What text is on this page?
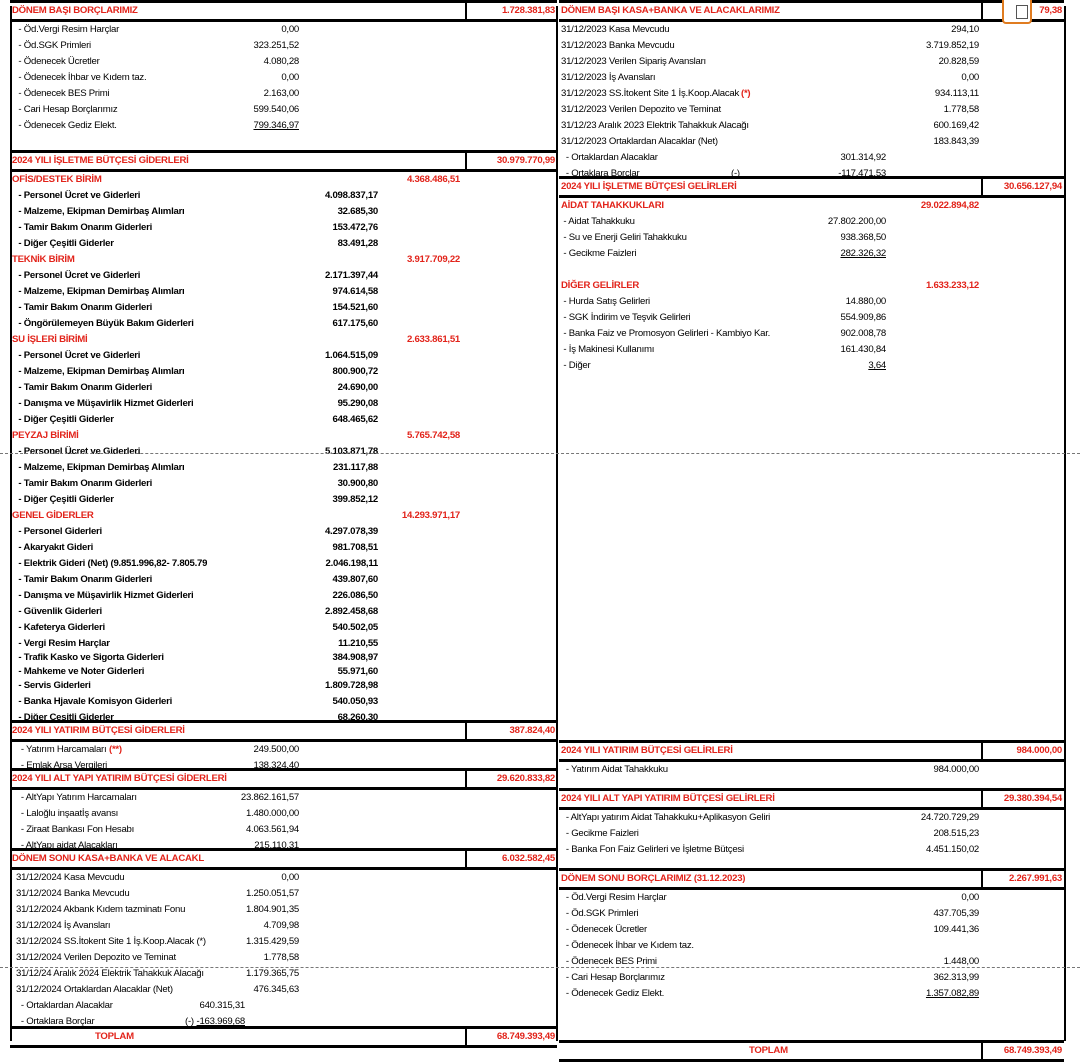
DÖNEM BAŞI BORÇLARIMIZ	1.728.381,83
- Öd.Vergi Resim Harçlar	0,00
- Öd.SGK Primleri	323.251,52
- Ödenecek Ücretler	4.080,28
- Ödenecek İhbar ve Kıdem taz.	0,00
- Ödenecek BES Primi	2.163,00
- Cari Hesap Borçlarımız	599.540,06
- Ödenecek Gediz Elekt.	799.346,97
2024 YILI İŞLETME BÜTÇESİ GİDERLERİ	30.979.770,99
OFİS/DESTEK BİRİM	4.368.486,51
- Personel Ücret ve Giderleri	4.098.837,17
- Malzeme, Ekipman Demirbaş Alımları	32.685,30
- Tamir Bakım Onarım Giderleri	153.472,76
- Diğer Çeşitli Giderler	83.491,28
TEKNİK BİRİM	3.917.709,22
- Personel Ücret ve Giderleri	2.171.397,44
- Malzeme, Ekipman Demirbaş Alımları	974.614,58
- Tamir Bakım Onarım Giderleri	154.521,60
- Öngörülemeyen Büyük Bakım Giderleri	617.175,60
SU İŞLERİ BİRİMİ	2.633.861,51
- Personel Ücret ve Giderleri	1.064.515,09
- Malzeme, Ekipman Demirbaş Alımları	800.900,72
- Tamir Bakım Onarım Giderleri	24.690,00
- Danışma ve Müşavirlik Hizmet Giderleri	95.290,08
- Diğer Çeşitli Giderler	648.465,62
PEYZAJ BİRİMİ	5.765.742,58
- Personel Ücret ve Giderleri	5.103.871,78
- Malzeme, Ekipman Demirbaş Alımları	231.117,88
- Tamir Bakım Onarım Giderleri	30.900,80
- Diğer Çeşitli Giderler	399.852,12
GENEL GİDERLER	14.293.971,17
- Personel Giderleri	4.297.078,39
- Akaryakıt Gideri	981.708,51
- Elektrik Gideri (Net) (9.851.996,82- 7.805.79	2.046.198,11
- Tamir Bakım Onarım Giderleri	439.807,60
- Danışma ve Müşavirlik Hizmet Giderleri	226.086,50
- Güvenlik Giderleri	2.892.458,68
- Kafeterya Giderleri	540.502,05
- Vergi Resim Harçlar	11.210,55
- Trafik Kasko ve Sigorta Giderleri	384.908,97
- Mahkeme ve Noter Giderleri	55.971,60
- Servis Giderleri	1.809.728,98
- Banka Hjavale Komisyon Giderleri	540.050,93
- Diğer Çeşitli Giderler	68.260,30
2024 YILI YATIRIM BÜTÇESİ GİDERLERİ	387.824,40
- Yatırım Harcamaları (**)	249.500,00
- Emlak Arsa Vergileri	138.324,40
2024 YILI ALT YAPI YATIRIM BÜTÇESİ GİDERLERİ	29.620.833,82
- AltYapı Yatırım Harcamaları	23.862.161,57
- Laloğlu inşaatİş avansı	1.480.000,00
- Ziraat Bankası Fon Hesabı	4.063.561,94
- AltYapı aidat Alacakları	215.110,31
DÖNEM SONU KASA+BANKA VE ALACAKL	6.032.582,45
31/12/2024 Kasa Mevcudu	0,00
31/12/2024 Banka Mevcudu	1.250.051,57
31/12/2024 Akbank Kıdem tazminatı Fonu	1.804.901,35
31/12/2024 İş Avansları	4.709,98
31/12/2024 SS.İtokent Site 1 İş.Koop.Alacak (*)	1.315.429,59
31/12/2024 Verilen Depozito ve Teminat	1.778,58
31/12/24 Aralık 2024 Elektrik Tahakkuk Alacağı	1.179.365,75
31/12/2024 Ortaklardan Alacaklar (Net)	476.345,63
- Ortaklardan Alacaklar	640.315,31
- Ortaklara Borçlar	(-) -163.969,68
TOPLAM	68.749.393,49
DÖNEM BAŞI KASA+BANKA VE ALACAKLARIMIZ	79,38
31/12/2023 Kasa Mevcudu	294,10
31/12/2023 Banka Mevcudu	3.719.852,19
31/12/2023 Verilen Sipariş Avansları	20.828,59
31/12/2023 İş Avansları	0,00
31/12/2023 SS.İtokent Site 1 İş.Koop.Alacak (*)	934.113,11
31/12/2023 Verilen Depozito ve Teminat	1.778,58
31/12/23 Aralık 2023 Elektrik Tahakkuk Alacağı	600.169,42
31/12/2023 Ortaklardan Alacaklar (Net)	183.843,39
- Ortaklardan Alacaklar	301.314,92
- Ortaklara Borçlar	(-)	-117.471,53
2024 YILI İŞLETME BÜTÇESİ GELİRLERİ	30.656.127,94
AİDAT TAHAKKUKLARI	29.022.894,82
- Aidat Tahakkuku	27.802.200,00
- Su ve Enerji Geliri Tahakkuku	938.368,50
- Gecikme Faizleri	282.326,32
DİĞER GELİRLER	1.633.233,12
- Hurda Satış Gelirleri	14.880,00
- SGK İndirim ve Teşvik Gelirleri	554.909,86
- Banka Faiz ve Promosyon Gelirleri - Kambiyo Kar.	902.008,78
- İş Makinesi Kullanımı	161.430,84
- Diğer	3,64
2024 YILI YATIRIM BÜTÇESİ GELİRLERİ	984.000,00
- Yatırım Aidat Tahakkuku	984.000,00
2024 YILI ALT YAPI YATIRIM BÜTÇESİ GELİRLERİ	29.380.394,54
- AltYapı yatırım Aidat Tahakkuku+Aplikasyon Geliri	24.720.729,29
- Gecikme Faizleri	208.515,23
- Banka Fon Faiz Gelirleri ve İşletme Bütçesi	4.451.150,02
DÖNEM SONU BORÇLARIMIZ (31.12.2023)	2.267.991,63
- Öd.Vergi Resim Harçlar	0,00
- Öd.SGK Primleri	437.705,39
- Ödenecek Ücretler	109.441,36
- Ödenecek İhbar ve Kıdem taz.
- Ödenecek BES Primi	1.448,00
- Cari Hesap Borçlarımız	362.313,99
- Ödenecek Gediz Elekt.	1.357.082,89
TOPLAM	68.749.393,49
